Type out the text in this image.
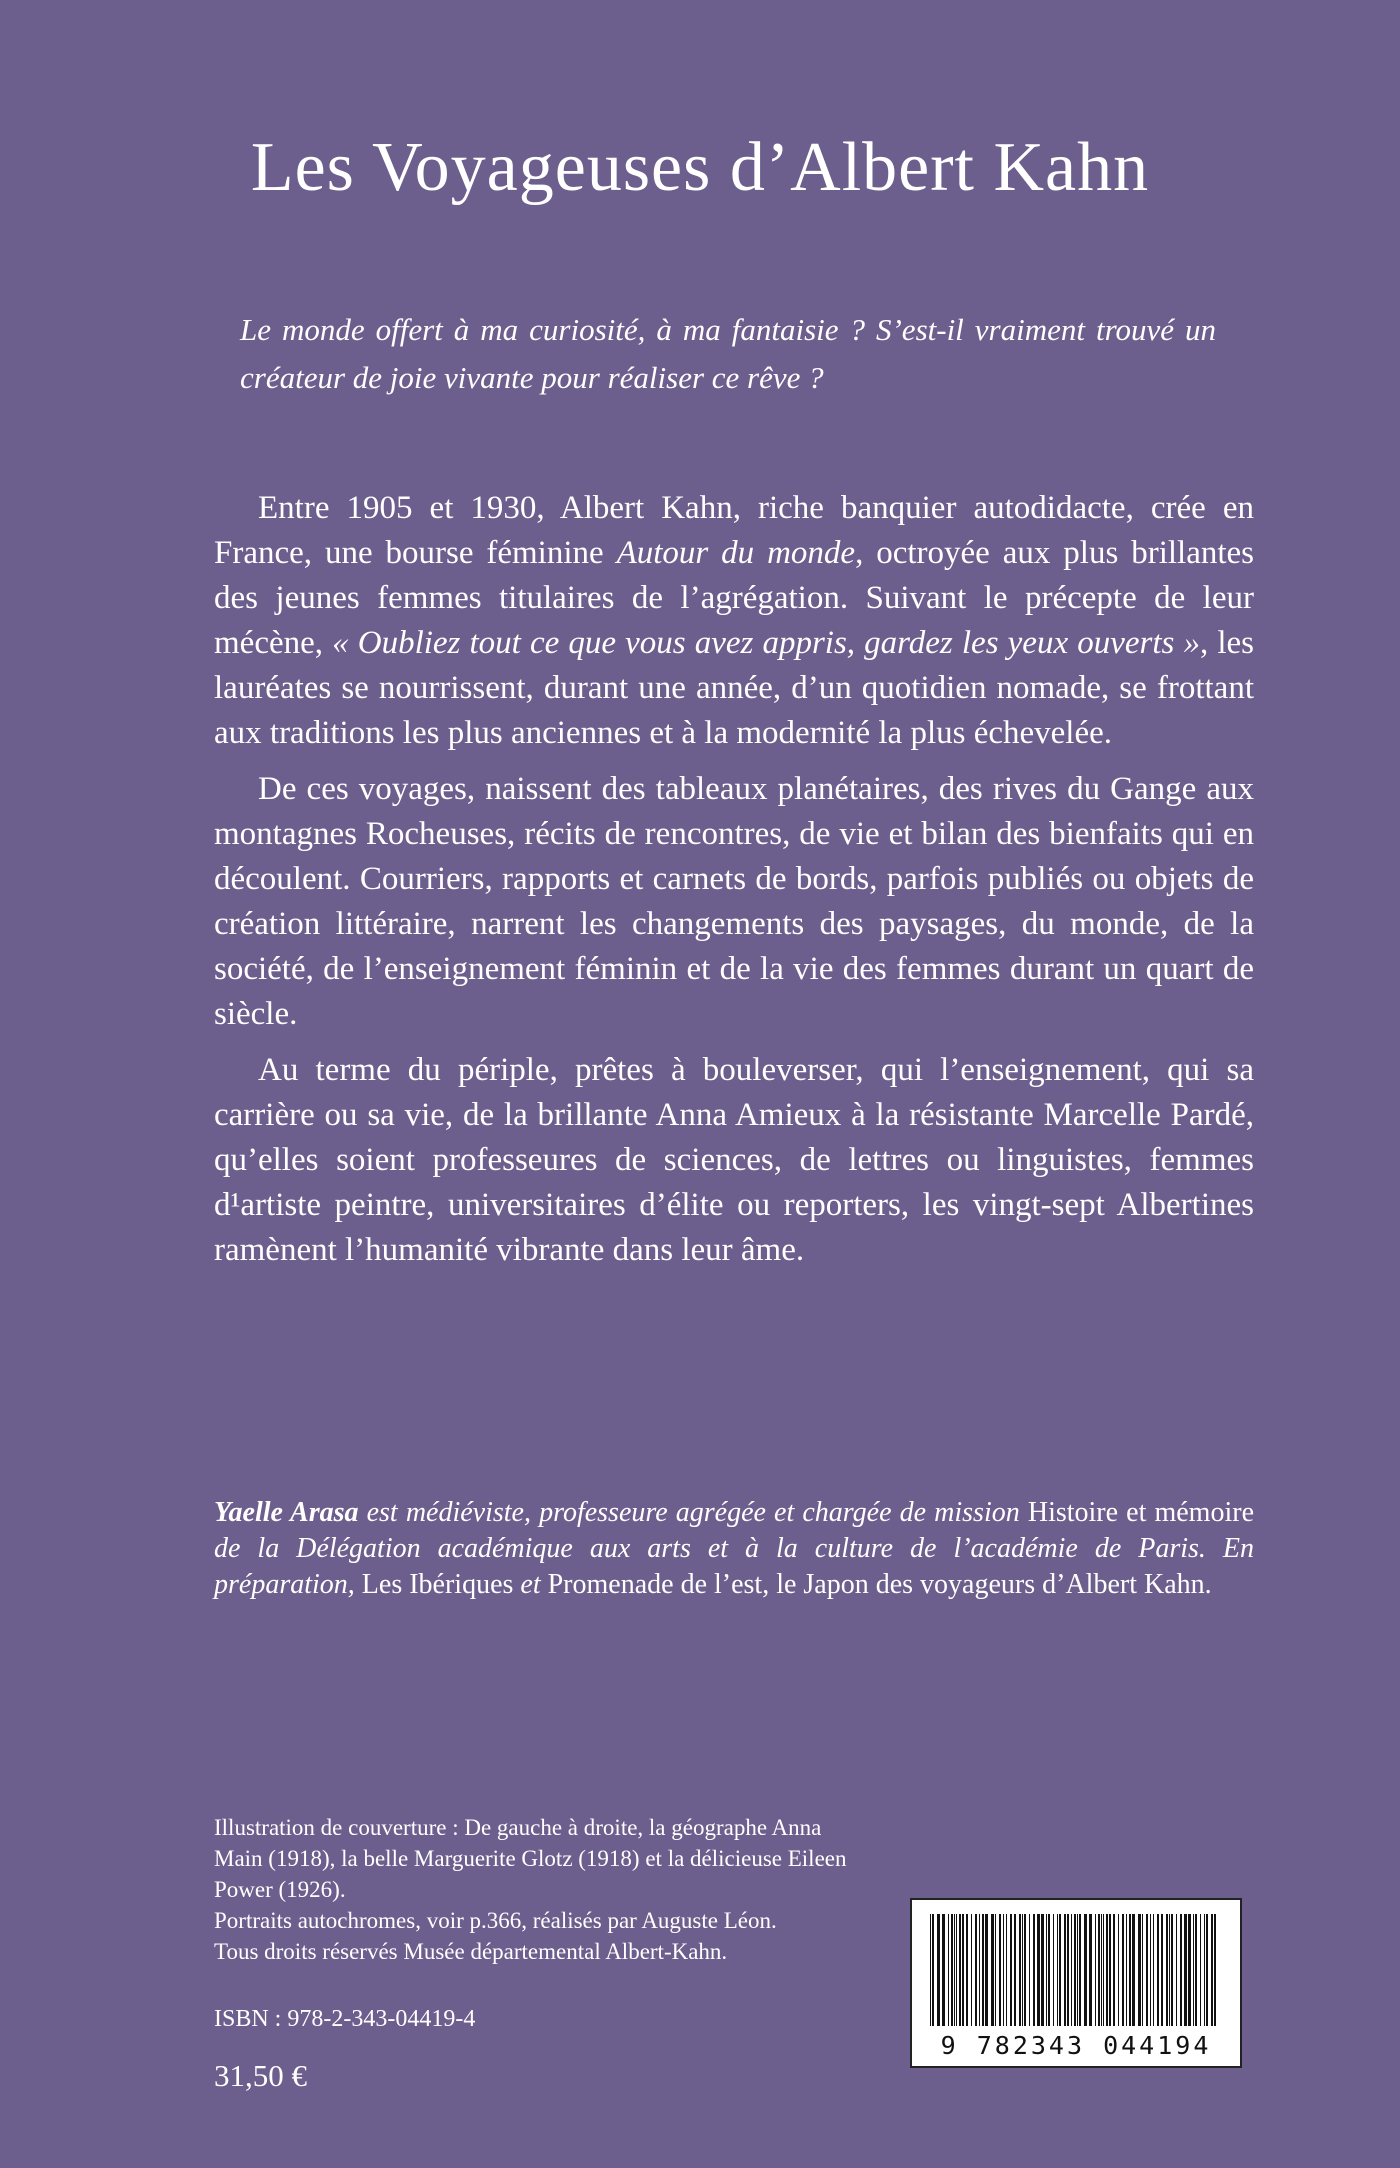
Les Voyageuses d’Albert Kahn

Le monde offert à ma curiosité, à ma fantaisie ? S’est-il vraiment trouvé un créateur de joie vivante pour réaliser ce rêve ?

Entre 1905 et 1930, Albert Kahn, riche banquier autodidacte, crée en France, une bourse féminine Autour du monde, octroyée aux plus brillantes des jeunes femmes titulaires de l’agrégation. Suivant le précepte de leur mécène, « Oubliez tout ce que vous avez appris, gardez les yeux ouverts », les lauréates se nourrissent, durant une année, d’un quotidien nomade, se frottant aux traditions les plus anciennes et à la modernité la plus échevelée.

De ces voyages, naissent des tableaux planétaires, des rives du Gange aux montagnes Rocheuses, récits de rencontres, de vie et bilan des bienfaits qui en découlent. Courriers, rapports et carnets de bords, parfois publiés ou objets de création littéraire, narrent les changements des paysages, du monde, de la société, de l’enseignement féminin et de la vie des femmes durant un quart de siècle.

Au terme du périple, prêtes à bouleverser, qui l’enseignement, qui sa carrière ou sa vie, de la brillante Anna Amieux à la résistante Marcelle Pardé, qu’elles soient professeures de sciences, de lettres ou linguistes, femmes d¹artiste peintre, universitaires d’élite ou reporters, les vingt-sept Albertines ramènent l’humanité vibrante dans leur âme.

Yaelle Arasa est médiéviste, professeure agrégée et chargée de mission Histoire et mémoire de la Délégation académique aux arts et à la culture de l’académie de Paris. En préparation, Les Ibériques et Promenade de l’est, le Japon des voyageurs d’Albert Kahn.
Illustration de couverture : De gauche à droite, la géographe Anna Main (1918), la belle Marguerite Glotz (1918) et la délicieuse Eileen Power (1926).
Portraits autochromes, voir p.366, réalisés par Auguste Léon.
Tous droits réservés Musée départemental Albert-Kahn.
ISBN : 978-2-343-04419-4
31,50 €
9 782343 044194
